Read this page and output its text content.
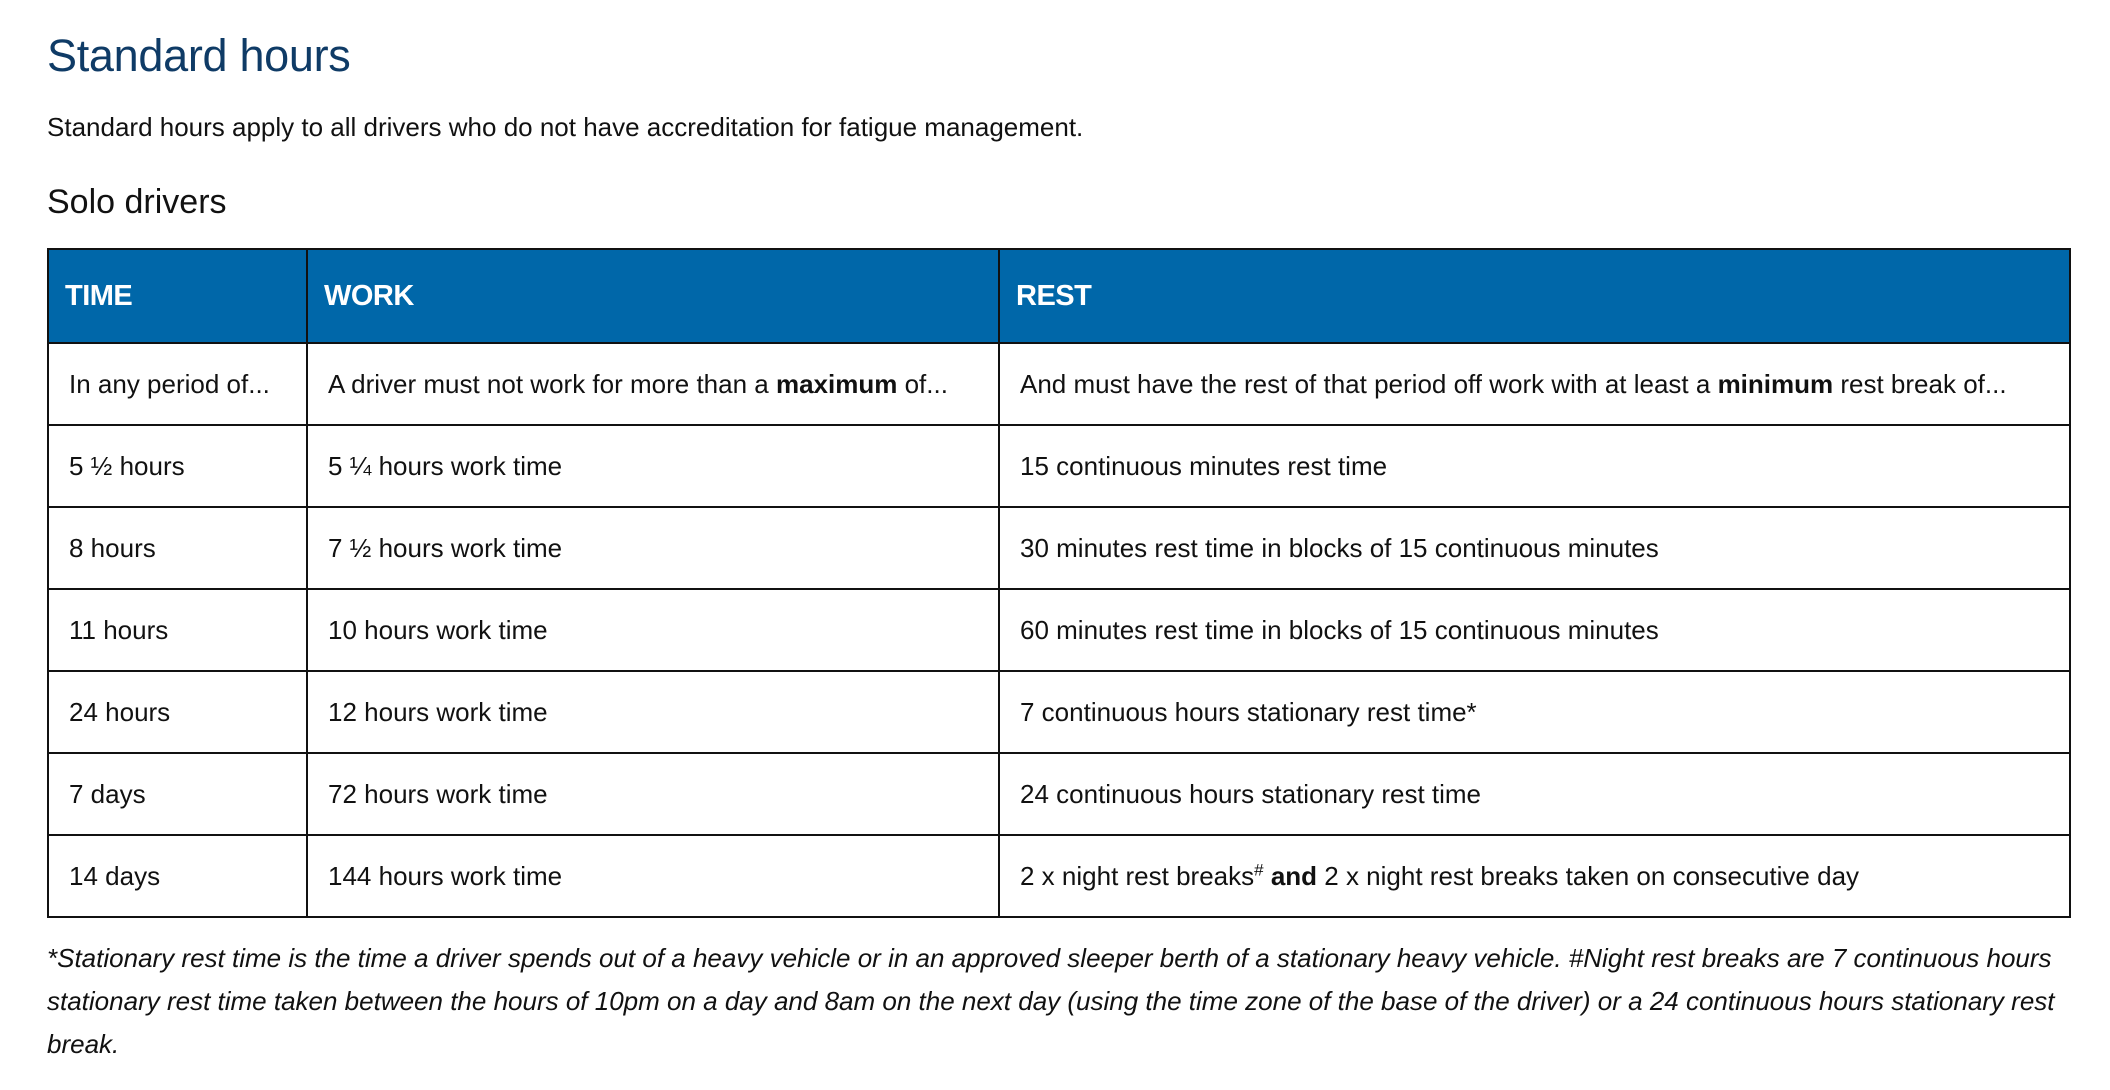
Standard hours

Standard hours apply to all drivers who do not have accreditation for fatigue management.

Solo drivers
TIME	WORK	REST
In any period of...	A driver must not work for more than a maximum of...	And must have the rest of that period off work with at least a minimum rest break of...
5 ½ hours	5 ¼ hours work time	15 continuous minutes rest time
8 hours	7 ½ hours work time	30 minutes rest time in blocks of 15 continuous minutes
11 hours	10 hours work time	60 minutes rest time in blocks of 15 continuous minutes
24 hours	12 hours work time	7 continuous hours stationary rest time*
7 days	72 hours work time	24 continuous hours stationary rest time
14 days	144 hours work time	2 x night rest breaks# and 2 x night rest breaks taken on consecutive day

*Stationary rest time is the time a driver spends out of a heavy vehicle or in an approved sleeper berth of a stationary heavy vehicle. #Night rest breaks are 7 continuous hours stationary rest time taken between the hours of 10pm on a day and 8am on the next day (using the time zone of the base of the driver) or a 24 continuous hours stationary rest break.
